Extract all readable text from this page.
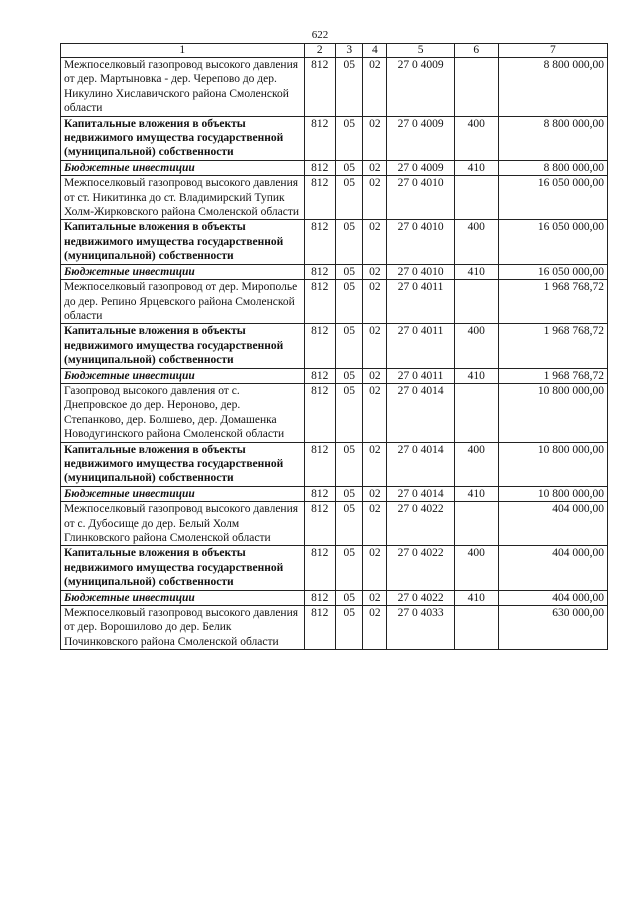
622
1	2	3	4	5	6	7
Межпоселковый газопровод высокого давления от дер. Мартыновка - дер. Черепово до дер. Никулино Хиславичского района Смоленской области	812	05	02	27 0 4009		8 800 000,00
Капитальные вложения в объекты недвижимого имущества государственной (муниципальной) собственности	812	05	02	27 0 4009	400	8 800 000,00
Бюджетные инвестиции	812	05	02	27 0 4009	410	8 800 000,00
Межпоселковый газопровод высокого давления от ст. Никитинка до ст. Владимирский Тупик Холм-Жирковского района Смоленской области	812	05	02	27 0 4010		16 050 000,00
Капитальные вложения в объекты недвижимого имущества государственной (муниципальной) собственности	812	05	02	27 0 4010	400	16 050 000,00
Бюджетные инвестиции	812	05	02	27 0 4010	410	16 050 000,00
Межпоселковый газопровод от дер. Мирополье до дер. Репино Ярцевского района Смоленской области	812	05	02	27 0 4011		1 968 768,72
Капитальные вложения в объекты недвижимого имущества государственной (муниципальной) собственности	812	05	02	27 0 4011	400	1 968 768,72
Бюджетные инвестиции	812	05	02	27 0 4011	410	1 968 768,72
Газопровод высокого давления от с. Днепровское до дер. Нероново, дер. Степанково, дер. Болшево, дер. Домашенка Новодугинского района Смоленской области	812	05	02	27 0 4014		10 800 000,00
Капитальные вложения в объекты недвижимого имущества государственной (муниципальной) собственности	812	05	02	27 0 4014	400	10 800 000,00
Бюджетные инвестиции	812	05	02	27 0 4014	410	10 800 000,00
Межпоселковый газопровод высокого давления от с. Дубосище до дер. Белый Холм Глинковского района Смоленской области	812	05	02	27 0 4022		404 000,00
Капитальные вложения в объекты недвижимого имущества государственной (муниципальной) собственности	812	05	02	27 0 4022	400	404 000,00
Бюджетные инвестиции	812	05	02	27 0 4022	410	404 000,00
Межпоселковый газопровод высокого давления от дер. Ворошилово до дер. Белик Починковского района Смоленской области	812	05	02	27 0 4033		630 000,00
